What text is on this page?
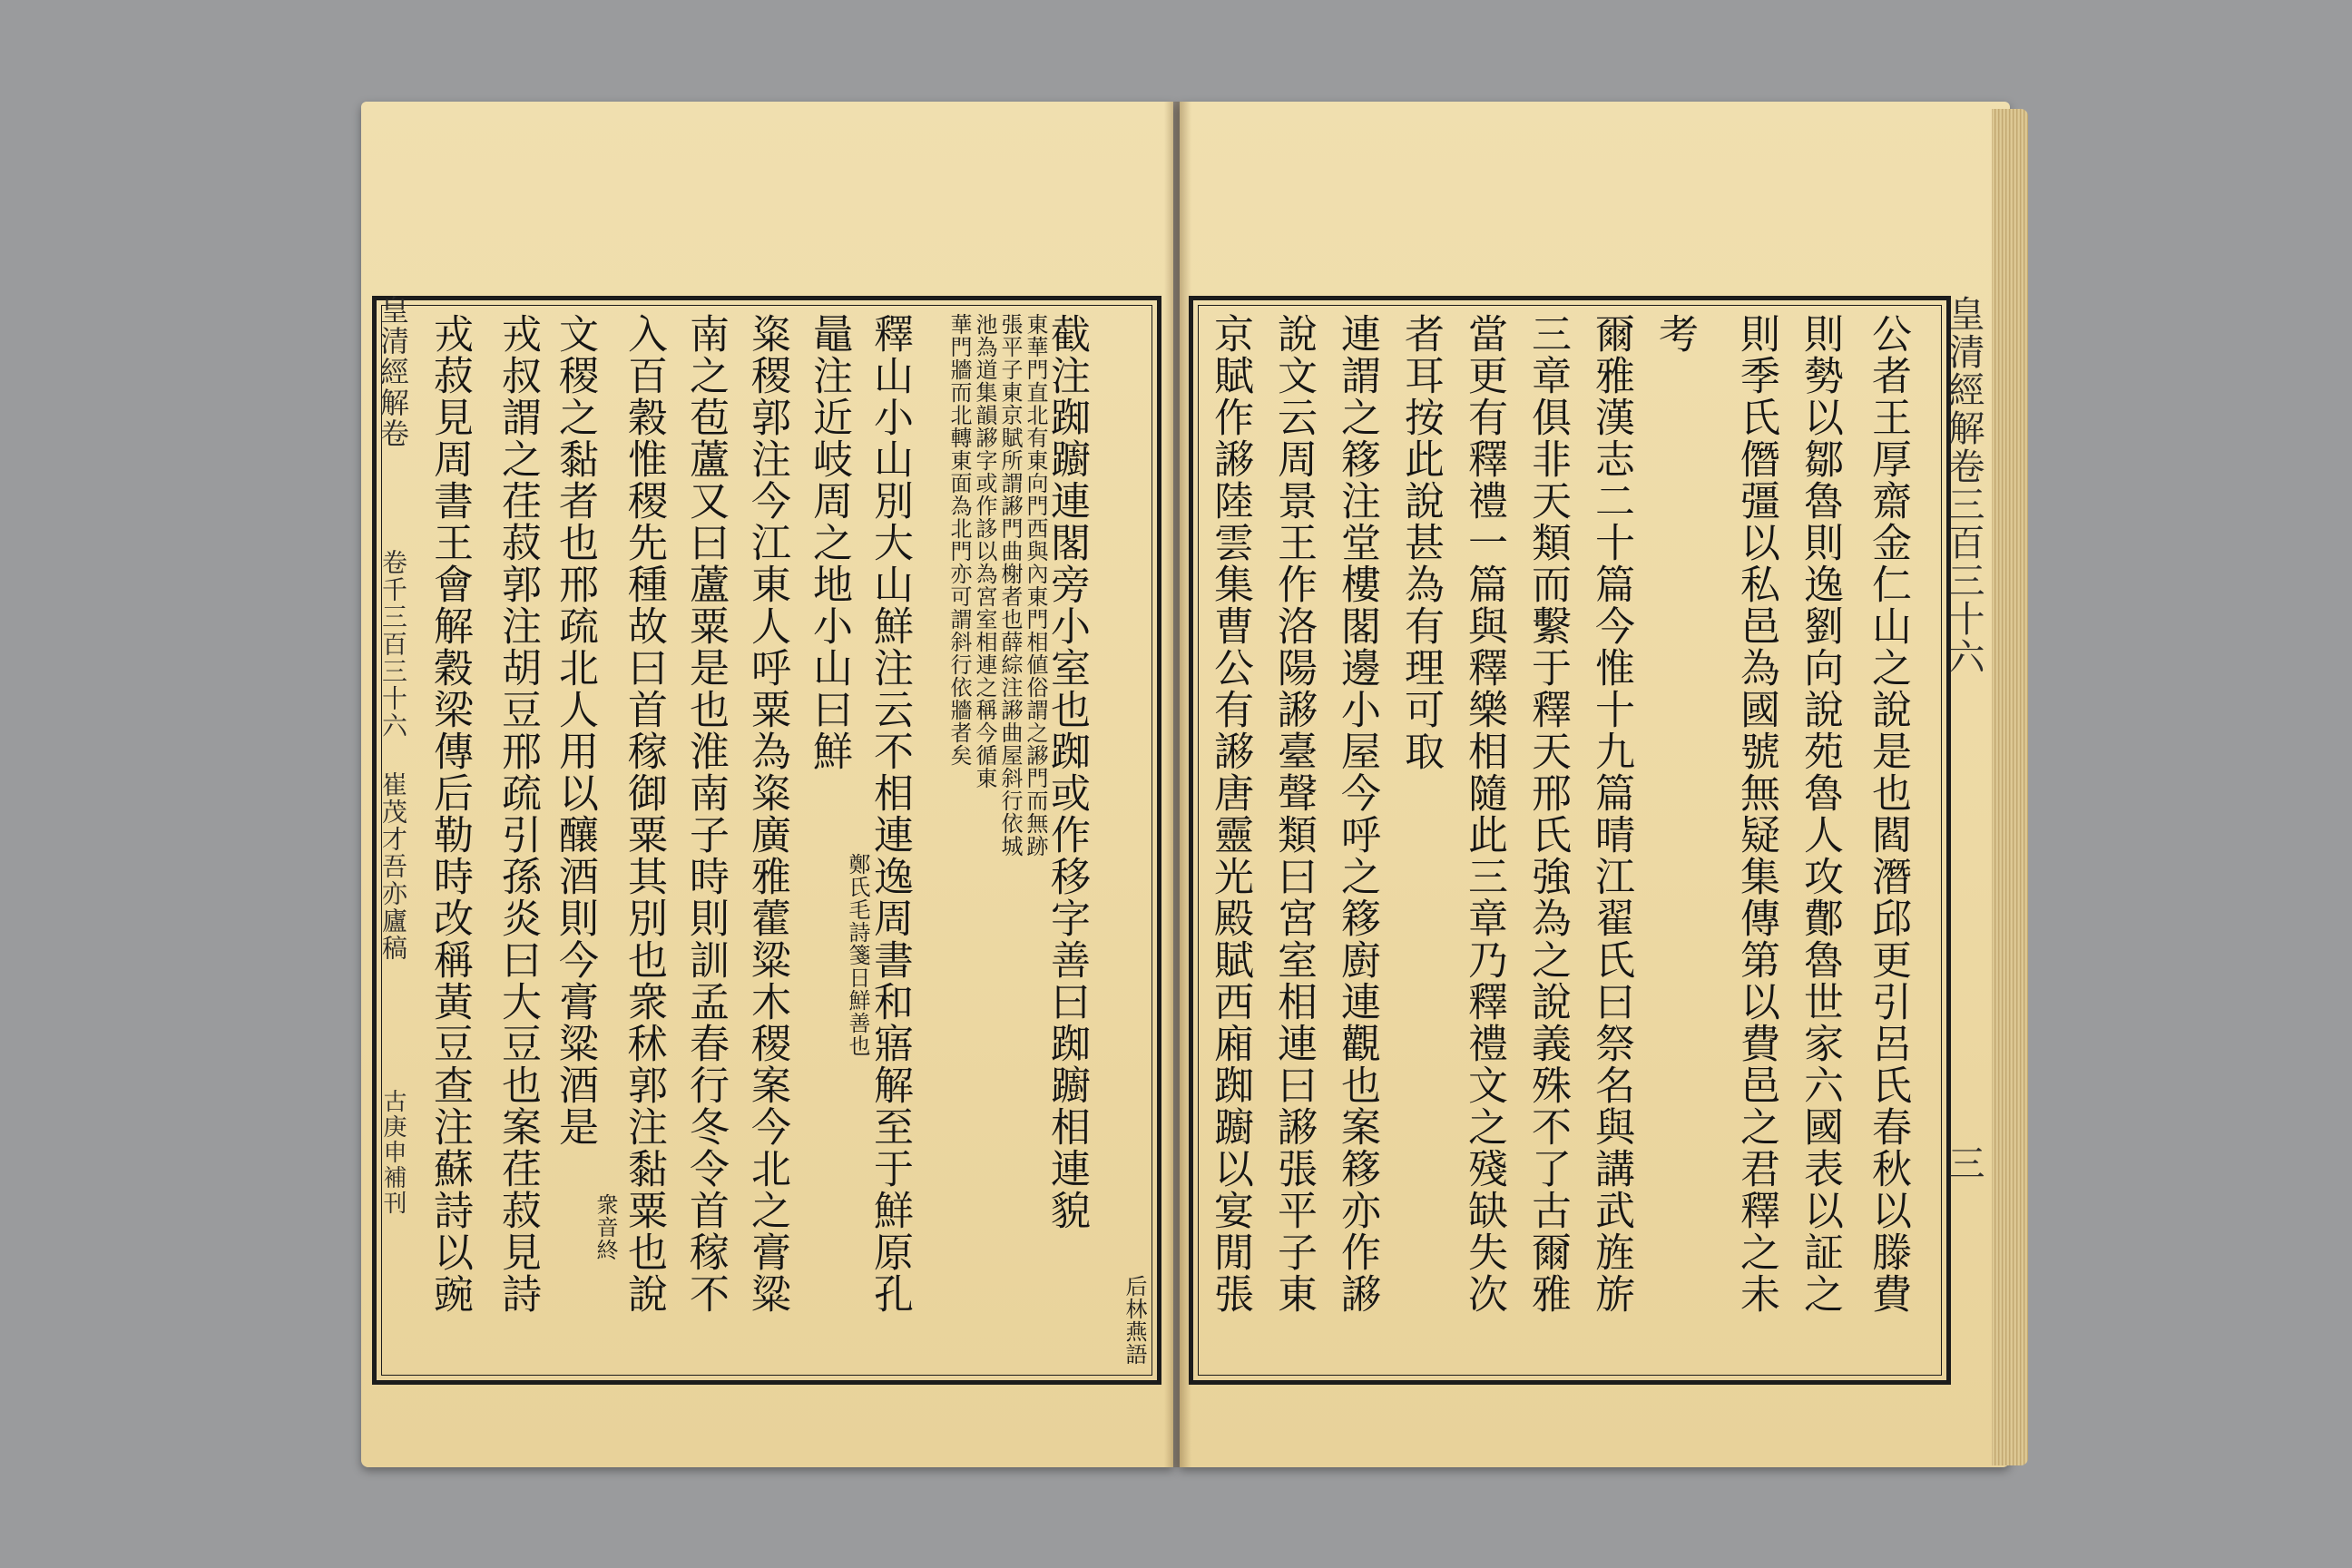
皇清經解卷  卷千三百三十六 崔茂才吾亦廬稿  古庚申補刊 戎菽見周書王會解穀梁傳后勒時改稱黃豆查注蘇詩以豌 戎叔謂之荏菽郭注胡豆邢疏引孫炎曰大豆也案荏菽見詩 文稷之黏者也邢疏北人用以釀酒則今膏粱酒是
衆音終 入百穀惟稷先種故曰首稼御粟其別也衆秫郭注黏粟也說 南之苞蘆又曰蘆粟是也淮南子時則訓孟春行冬令首稼不 粢稷郭注今江東人呼粟為粢廣雅藿粱木稷案今北之膏粱 鼂注近岐周之地小山曰鮮
鄭氏毛詩箋日鮮善也
釋山小山別大山鮮注云不相連逸周書和寤解至于鮮原孔	華門牆而北轉東面為北門亦可謂斜行依牆者矣 池為道集韻謻字或作誃以為宮室相連之稱今循東 張平子東京賦所謂謻門曲榭者也薛綜注謻曲屋斜行依城 東華門直北有東向門西與內東門相値俗謂之謻門而無跡
截注踟躕連閣旁小室也踟或作移字善曰踟躕相連貌
后林燕語
京賦作謻陸雲集曹公有謻唐靈光殿賦西廂踟躕以宴閒張 說文云周景王作洛陽謻臺聲類曰宮室相連曰謻張平子東 連謂之簃注堂樓閣邊小屋今呼之簃廚連觀也案簃亦作謻 者耳按此說甚為有理可取 當更有釋禮一篇與釋樂相隨此三章乃釋禮文之殘缺失次 三章俱非天類而繫于釋天邢氏強為之說義殊不了古爾雅 爾雅漢志二十篇今惟十九篇晴江翟氏曰祭名與講武旌旂 考 則季氏僭彊以私邑為國號無疑集傳第以費邑之君釋之未 則勢以鄒魯則逸劉向說苑魯人攻鄪魯世家六國表以証之 公者王厚齋金仁山之說是也閻潛邱更引呂氏春秋以滕費 皇清經解卷三百三十六  三
